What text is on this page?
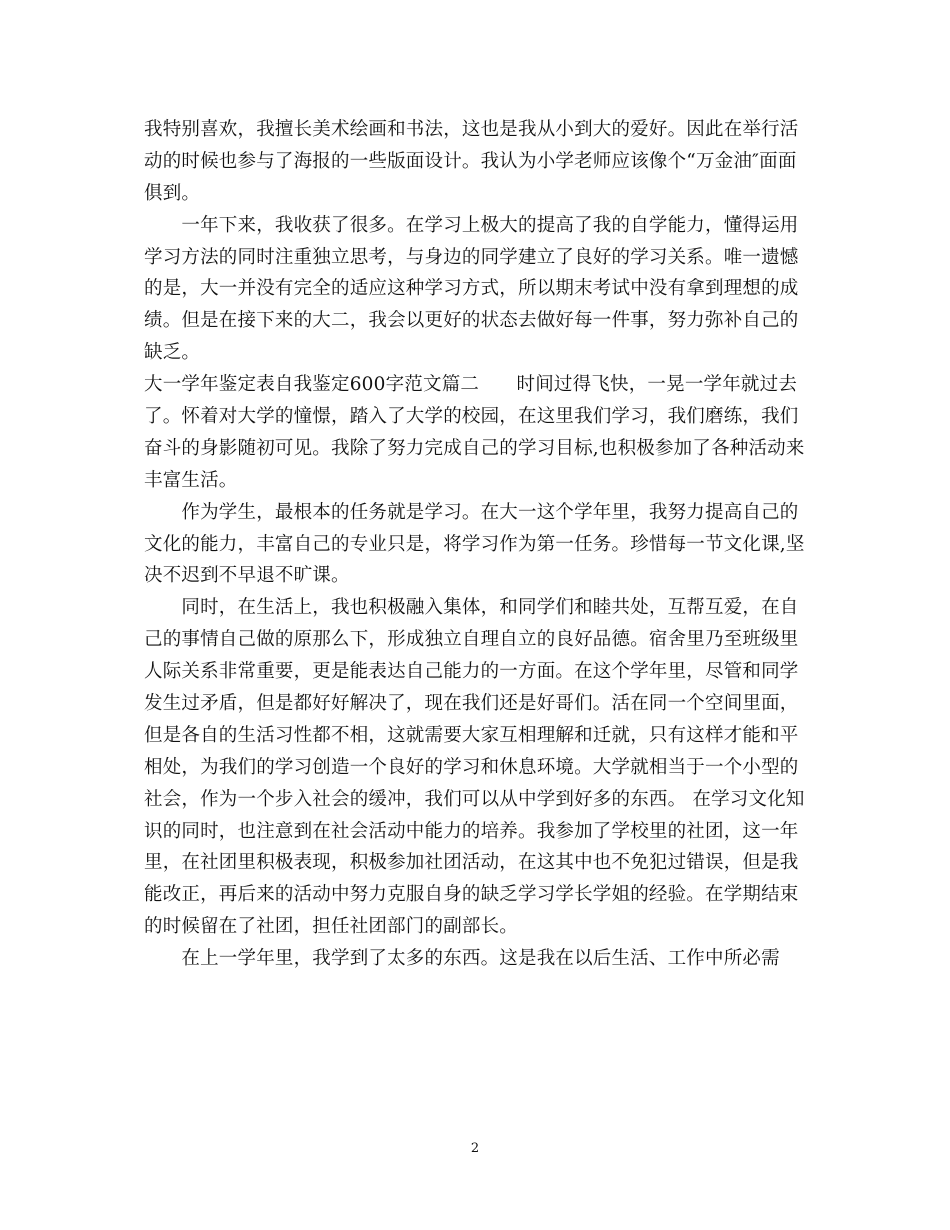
我特别喜欢，我擅长美术绘画和书法，这也是我从小到大的爱好。因此在举行活
动的时候也参与了海报的一些版面设计。我认为小学老师应该像个“万金油″面面
俱到。
　　一年下来，我收获了很多。在学习上极大的提高了我的自学能力，懂得运用
学习方法的同时注重独立思考，与身边的同学建立了良好的学习关系。唯一遗憾
的是，大一并没有完全的适应这种学习方式，所以期末考试中没有拿到理想的成
绩。但是在接下来的大二，我会以更好的状态去做好每一件事，努力弥补自己的
缺乏。
大一学年鉴定表自我鉴定600字范文篇二　　时间过得飞快，一晃一学年就过去
了。怀着对大学的憧憬，踏入了大学的校园，在这里我们学习，我们磨练，我们
奋斗的身影随初可见。我除了努力完成自己的学习目标,也积极参加了各种活动来
丰富生活。
　　作为学生，最根本的任务就是学习。在大一这个学年里，我努力提高自己的
文化的能力，丰富自己的专业只是，将学习作为第一任务。珍惜每一节文化课,坚
决不迟到不早退不旷课。
　　同时，在生活上，我也积极融入集体，和同学们和睦共处，互帮互爱，在自
己的事情自己做的原那么下，形成独立自理自立的良好品德。宿舍里乃至班级里
人际关系非常重要，更是能表达自己能力的一方面。在这个学年里，尽管和同学
发生过矛盾，但是都好好解决了，现在我们还是好哥们。活在同一个空间里面，
但是各自的生活习性都不相，这就需要大家互相理解和迁就，只有这样才能和平
相处，为我们的学习创造一个良好的学习和休息环境。大学就相当于一个小型的
社会，作为一个步入社会的缓冲，我们可以从中学到好多的东西。 在学习文化知
识的同时，也注意到在社会活动中能力的培养。我参加了学校里的社团，这一年
里，在社团里积极表现，积极参加社团活动，在这其中也不免犯过错误，但是我
能改正，再后来的活动中努力克服自身的缺乏学习学长学姐的经验。在学期结束
的时候留在了社团，担任社团部门的副部长。
　　在上一学年里，我学到了太多的东西。这是我在以后生活、工作中所必需
2
